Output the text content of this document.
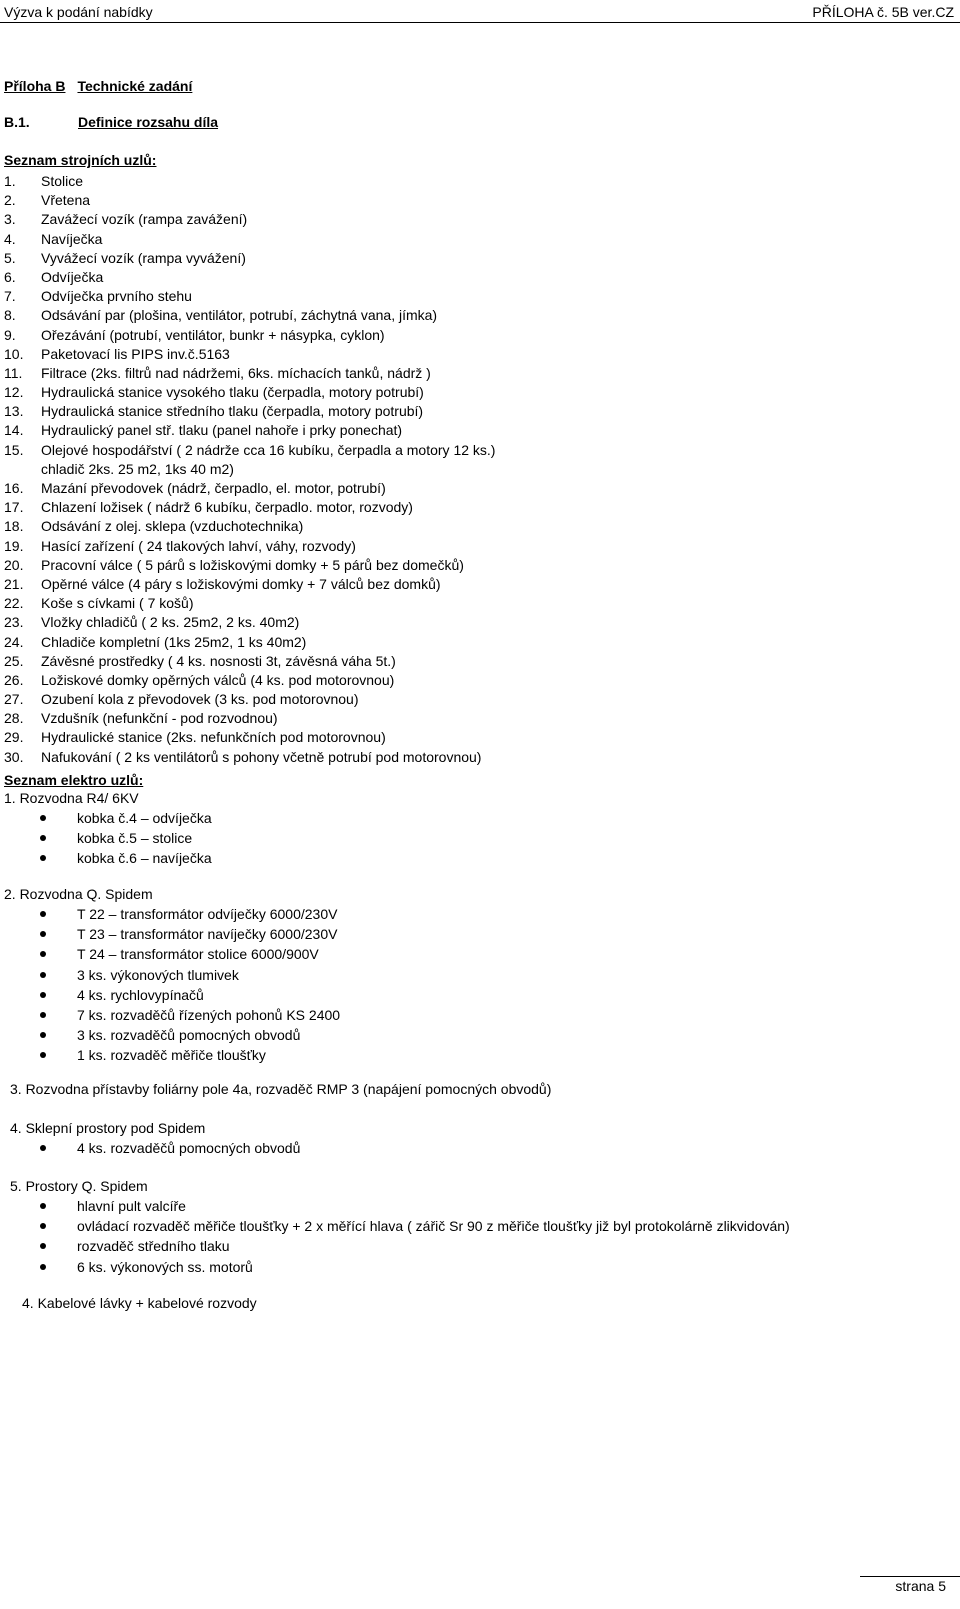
Výzva k podání nabídky	PŘÍLOHA č. 5B ver.CZ
Příloha B Technické zadání
B.1.	Definice rozsahu díla
Seznam strojních uzlů:
1. Stolice
2. Vřetena
3. Zavážecí vozík (rampa zavážení)
4. Navíječka
5. Vyvážecí vozík (rampa vyvážení)
6. Odvíječka
7. Odvíječka prvního stehu
8. Odsávání par (plošina, ventilátor, potrubí, záchytná vana, jímka)
9. Ořezávání (potrubí, ventilátor, bunkr + násypka, cyklon)
10. Paketovací lis PIPS inv.č.5163
11. Filtrace (2ks. filtrů nad nádržemi, 6ks. míchacích tanků, nádrž )
12. Hydraulická stanice vysokého tlaku (čerpadla, motory potrubí)
13. Hydraulická stanice středního tlaku (čerpadla, motory potrubí)
14. Hydraulický panel stř. tlaku (panel nahoře i prky ponechat)
15. Olejové hospodářství ( 2 nádrže cca 16 kubíku, čerpadla a motory 12 ks.)
chladič 2ks. 25 m2, 1ks 40 m2)
16. Mazání převodovek (nádrž, čerpadlo, el. motor, potrubí)
17. Chlazení ložisek ( nádrž 6 kubíku, čerpadlo. motor, rozvody)
18. Odsávání z olej. sklepa (vzduchotechnika)
19. Hasící zařízení ( 24 tlakových lahví, váhy, rozvody)
20. Pracovní válce ( 5 párů s ložiskovými domky + 5 párů bez domečků)
21. Opěrné válce (4 páry s ložiskovými domky + 7 válců bez domků)
22. Koše s cívkami ( 7 košů)
23. Vložky chladičů ( 2 ks. 25m2, 2 ks. 40m2)
24. Chladiče kompletní (1ks 25m2, 1 ks 40m2)
25. Závěsné prostředky ( 4 ks. nosnosti 3t, závěsná váha 5t.)
26. Ložiskové domky opěrných válců (4 ks. pod motorovnou)
27. Ozubení kola z převodovek (3 ks. pod motorovnou)
28. Vzdušník (nefunkční - pod rozvodnou)
29. Hydraulické stanice (2ks. nefunkčních pod motorovnou)
30. Nafukování ( 2 ks ventilátorů s pohony včetně potrubí pod motorovnou)
Seznam elektro uzlů:
1. Rozvodna R4/ 6KV
kobka č.4 – odvíječka
kobka č.5 – stolice
kobka č.6 – navíječka
2. Rozvodna Q. Spidem
T 22 – transformátor odvíječky 6000/230V
T 23 – transformátor navíječky 6000/230V
T 24 – transformátor stolice 6000/900V
3 ks. výkonových tlumivek
4 ks. rychlovypínačů
7 ks. rozvaděčů řízených pohonů KS 2400
3 ks. rozvaděčů pomocných obvodů
1 ks. rozvaděč měřiče tloušťky
3. Rozvodna přístavby foliárny pole 4a, rozvaděč RMP 3 (napájení pomocných obvodů)
4. Sklepní prostory pod Spidem
4 ks. rozvaděčů pomocných obvodů
5. Prostory Q. Spidem
hlavní pult valcíře
ovládací rozvaděč měřiče tloušťky + 2 x měřící hlava ( zářič Sr 90 z měřiče tloušťky již byl protokolárně zlikvidován)
rozvaděč středního tlaku
6 ks. výkonových ss. motorů
4. Kabelové lávky + kabelové rozvody
strana 5
